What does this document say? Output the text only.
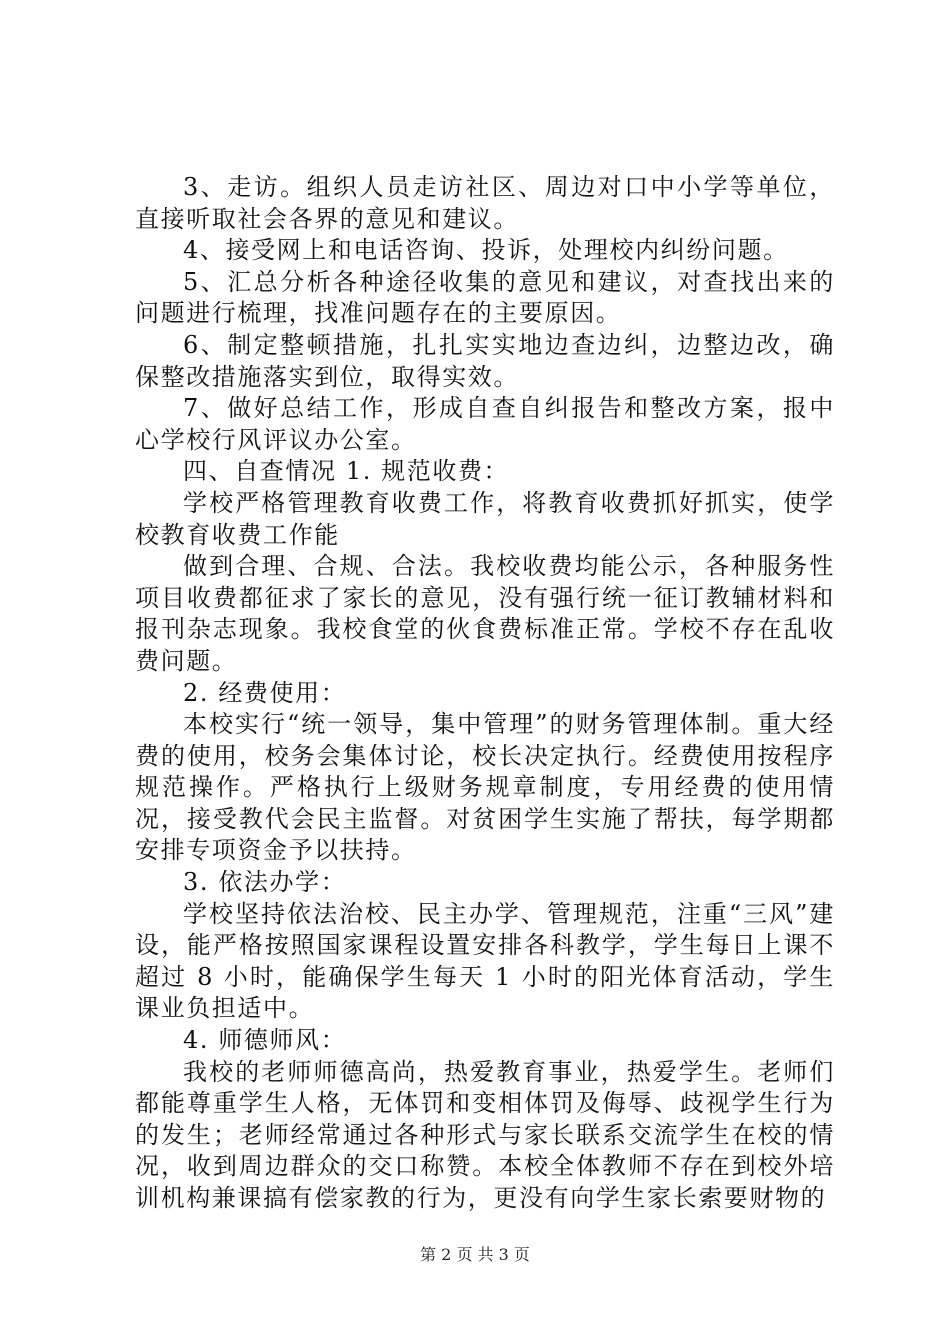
3、走访。组织人员走访社区、周边对口中小学等单位，直接听取社会各界的意见和建议。

4、接受网上和电话咨询、投诉，处理校内纠纷问题。

5、汇总分析各种途径收集的意见和建议，对查找出来的问题进行梳理，找准问题存在的主要原因。

6、制定整顿措施，扎扎实实地边查边纠，边整边改，确保整改措施落实到位，取得实效。

7、做好总结工作，形成自查自纠报告和整改方案，报中心学校行风评议办公室。

四、自查情况 1. 规范收费：

学校严格管理教育收费工作，将教育收费抓好抓实，使学校教育收费工作能

做到合理、合规、合法。我校收费均能公示，各种服务性项目收费都征求了家长的意见，没有强行统一征订教辅材料和报刊杂志现象。我校食堂的伙食费标准正常。学校不存在乱收费问题。

2. 经费使用：

本校实行“统一领导，集中管理”的财务管理体制。重大经费的使用，校务会集体讨论，校长决定执行。经费使用按程序规范操作。严格执行上级财务规章制度，专用经费的使用情况，接受教代会民主监督。对贫困学生实施了帮扶，每学期都安排专项资金予以扶持。

3. 依法办学：

学校坚持依法治校、民主办学、管理规范，注重“三风”建设，能严格按照国家课程设置安排各科教学，学生每日上课不超过 8 小时，能确保学生每天 1 小时的阳光体育活动，学生课业负担适中。

4. 师德师风：

我校的老师师德高尚，热爱教育事业，热爱学生。老师们都能尊重学生人格，无体罚和变相体罚及侮辱、歧视学生行为的发生；老师经常通过各种形式与家长联系交流学生在校的情况，收到周边群众的交口称赞。本校全体教师不存在到校外培训机构兼课搞有偿家教的行为，更没有向学生家长索要财物的

第 2 页 共 3 页
